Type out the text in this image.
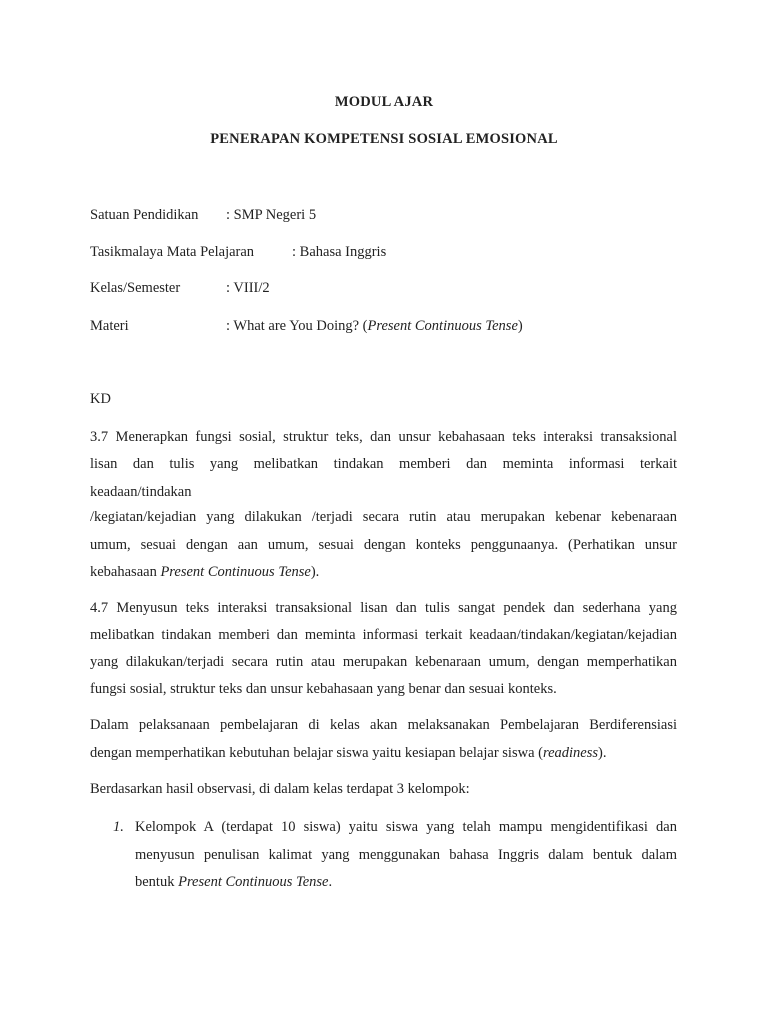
MODUL AJAR
PENERAPAN KOMPETENSI SOSIAL EMOSIONAL
Satuan Pendidikan : SMP Negeri 5
Tasikmalaya Mata Pelajaran	: Bahasa Inggris
Kelas/Semester	: VIII/2
Materi	: What are You Doing? (Present Continuous Tense)
KD
3.7 Menerapkan fungsi sosial, struktur teks, dan unsur kebahasaan teks interaksi transaksional
lisan dan tulis yang melibatkan tindakan memberi dan meminta informasi terkait
keadaan/tindakan
/kegiatan/kejadian yang dilakukan /terjadi secara rutin atau merupakan kebenar kebenaraan
umum, sesuai dengan aan umum, sesuai dengan konteks penggunaanya. (Perhatikan unsur
kebahasaan Present Continuous Tense).
4.7 Menyusun teks interaksi transaksional lisan dan tulis sangat pendek dan sederhana yang
melibatkan tindakan memberi dan meminta informasi terkait keadaan/tindakan/kegiatan/kejadian
yang dilakukan/terjadi secara rutin atau merupakan kebenaraan umum, dengan memperhatikan
fungsi sosial, struktur teks dan unsur kebahasaan yang benar dan sesuai konteks.
Dalam pelaksanaan pembelajaran di kelas akan melaksanakan Pembelajaran Berdiferensiasi
dengan memperhatikan kebutuhan belajar siswa yaitu kesiapan belajar siswa (readiness).
Berdasarkan hasil observasi, di dalam kelas terdapat 3 kelompok:
1. Kelompok A (terdapat 10 siswa) yaitu siswa yang telah mampu mengidentifikasi dan
menyusun penulisan kalimat yang menggunakan bahasa Inggris dalam bentuk dalam
bentuk Present Continuous Tense.
